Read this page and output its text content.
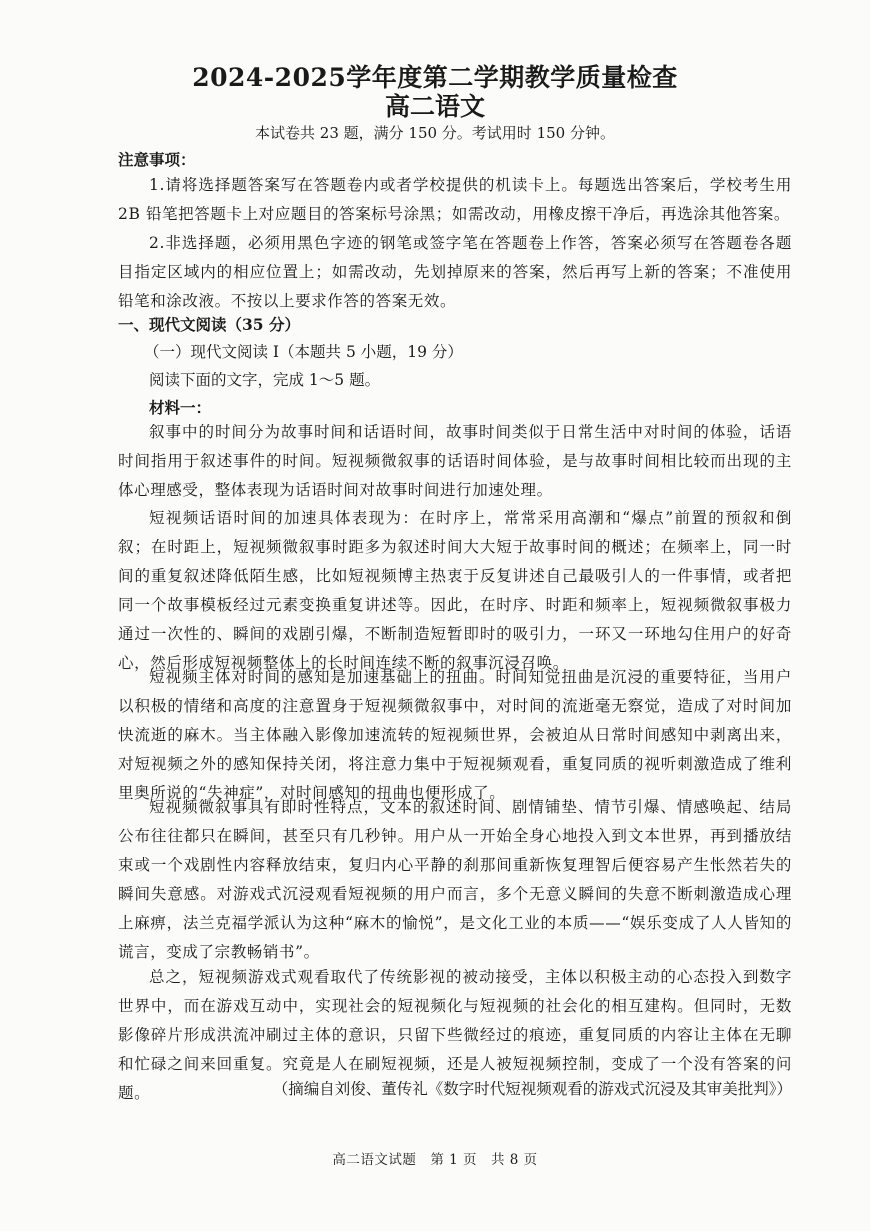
2024-2025学年度第二学期教学质量检查
高二语文
本试卷共 23 题，满分 150 分。考试用时 150 分钟。
注意事项：
1.请将选择题答案写在答题卷内或者学校提供的机读卡上。每题选出答案后，学校考生用 2B 铅笔把答题卡上对应题目的答案标号涂黑；如需改动，用橡皮擦干净后，再选涂其他答案。
2.非选择题，必须用黑色字迹的钢笔或签字笔在答题卷上作答，答案必须写在答题卷各题目指定区域内的相应位置上；如需改动，先划掉原来的答案，然后再写上新的答案；不准使用铅笔和涂改液。不按以上要求作答的答案无效。
一、现代文阅读（35 分）
（一）现代文阅读 I（本题共 5 小题，19 分）
阅读下面的文字，完成 1～5 题。
材料一：
叙事中的时间分为故事时间和话语时间，故事时间类似于日常生活中对时间的体验，话语时间指用于叙述事件的时间。短视频微叙事的话语时间体验，是与故事时间相比较而出现的主体心理感受，整体表现为话语时间对故事时间进行加速处理。
短视频话语时间的加速具体表现为：在时序上，常常采用高潮和“爆点”前置的预叙和倒叙；在时距上，短视频微叙事时距多为叙述时间大大短于故事时间的概述；在频率上，同一时间的重复叙述降低陌生感，比如短视频博主热衷于反复讲述自己最吸引人的一件事情，或者把同一个故事模板经过元素变换重复讲述等。因此，在时序、时距和频率上，短视频微叙事极力通过一次性的、瞬间的戏剧引爆，不断制造短暂即时的吸引力，一环又一环地勾住用户的好奇心，然后形成短视频整体上的长时间连续不断的叙事沉浸召唤。
短视频主体对时间的感知是加速基础上的扭曲。时间知觉扭曲是沉浸的重要特征，当用户以积极的情绪和高度的注意置身于短视频微叙事中，对时间的流逝毫无察觉，造成了对时间加快流逝的麻木。当主体融入影像加速流转的短视频世界，会被迫从日常时间感知中剥离出来，对短视频之外的感知保持关闭，将注意力集中于短视频观看，重复同质的视听刺激造成了维利里奥所说的“失神症”，对时间感知的扭曲也便形成了。
短视频微叙事具有即时性特点，文本的叙述时间、剧情铺垫、情节引爆、情感唤起、结局公布往往都只在瞬间，甚至只有几秒钟。用户从一开始全身心地投入到文本世界，再到播放结束或一个戏剧性内容释放结束，复归内心平静的刹那间重新恢复理智后便容易产生怅然若失的瞬间失意感。对游戏式沉浸观看短视频的用户而言，多个无意义瞬间的失意不断刺激造成心理上麻痹，法兰克福学派认为这种“麻木的愉悦”，是文化工业的本质——“娱乐变成了人人皆知的谎言，变成了宗教畅销书”。
总之，短视频游戏式观看取代了传统影视的被动接受，主体以积极主动的心态投入到数字世界中，而在游戏互动中，实现社会的短视频化与短视频的社会化的相互建构。但同时，无数影像碎片形成洪流冲刷过主体的意识，只留下些微经过的痕迹，重复同质的内容让主体在无聊和忙碌之间来回重复。究竟是人在刷短视频，还是人被短视频控制，变成了一个没有答案的问题。	（摘编自刘俊、董传礼《数字时代短视频观看的游戏式沉浸及其审美批判》）
高二语文试题　第 1 页　共 8 页
